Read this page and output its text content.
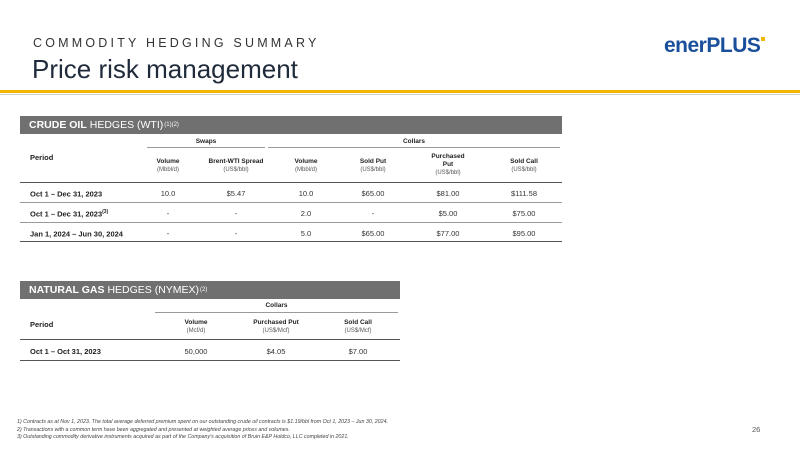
COMMODITY HEDGING SUMMARY
Price risk management
enerPLUS
CRUDE OIL HEDGES (WTI) (1)(2)
Swaps	Collars
Period	Volume
(Mbbl/d)
Brent-WTI Spread
(US$/bbl)
Volume
(Mbbl/d)
Sold Put
(US$/bbl)
Purchased Put
(US$/bbl)
Sold Call
(US$/bbl)
Oct 1 – Dec 31, 2023	10.0	$5.47	10.0	$65.00	$81.00	$111.58
Oct 1 – Dec 31, 2023$^{(3)}$	-	-	2.0	-	$5.00	$75.00
Jan 1, 2024 – Jun 30, 2024	-	-	5.0	$65.00	$77.00	$95.00
NATURAL GAS HEDGES (NYMEX) (2)
Collars
Period	Volume
(Mcf/d)
Purchased Put
(US$/Mcf)
Sold Call
(US$/Mcf)
Oct 1 – Oct 31, 2023	50,000	$4.05	$7.00
1) Contracts as at Nov 1, 2023. The total average deferred premium spent on our outstanding crude oil contracts is $1.19/bbl from Oct 1, 2023 – Jun 30, 2024.
2) Transactions with a common term have been aggregated and presented at weighted average prices and volumes.
3) Outstanding commodity derivative instruments acquired as part of the Company's acquisition of Bruin E&P Holdco, LLC completed in 2021.
26
